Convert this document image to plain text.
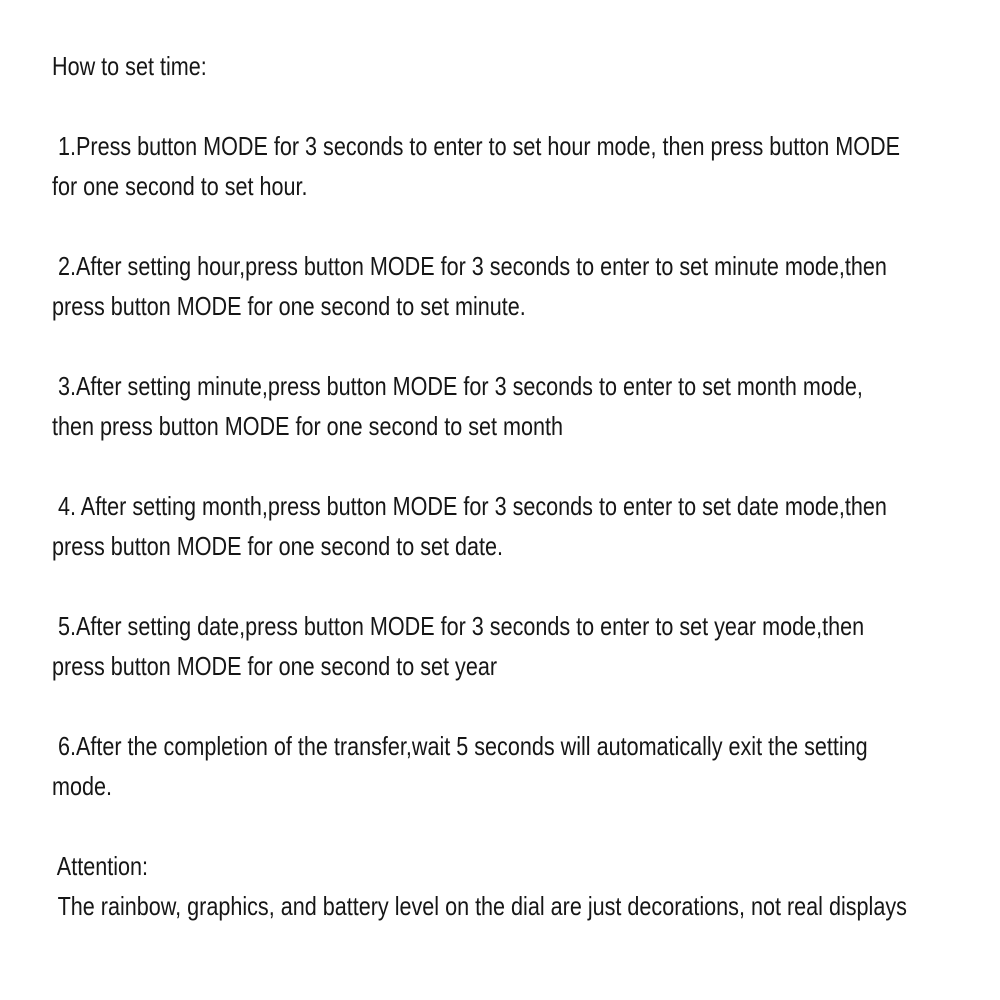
How to set time:

1.Press button MODE for 3 seconds to enter to set hour mode, then press button MODE

for one second to set hour.

2.After setting hour,press button MODE for 3 seconds to enter to set minute mode,then

press button MODE for one second to set minute.

3.After setting minute,press button MODE for 3 seconds to enter to set month mode,

then press button MODE for one second to set month

4. After setting month,press button MODE for 3 seconds to enter to set date mode,then

press button MODE for one second to set date.

5.After setting date,press button MODE for 3 seconds to enter to set year mode,then

press button MODE for one second to set year

6.After the completion of the transfer,wait 5 seconds will automatically exit the setting

mode.

Attention:

The rainbow, graphics, and battery level on the dial are just decorations, not real displays
